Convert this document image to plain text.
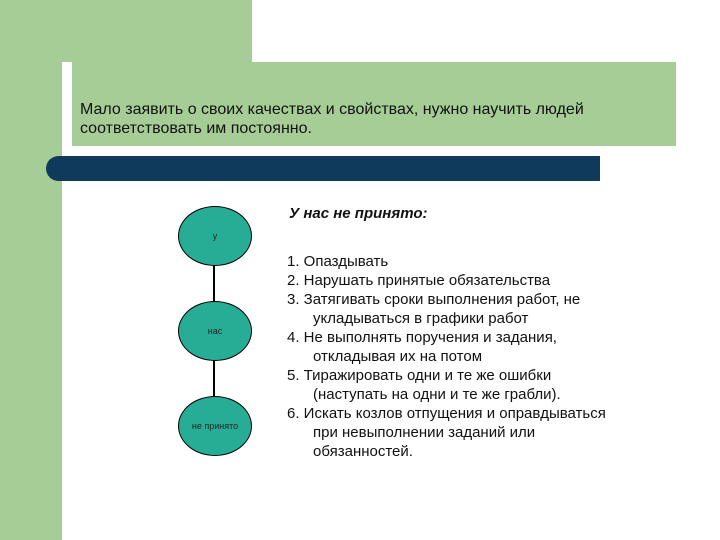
Мало заявить о своих качествах и свойствах, нужно научить людей соответствовать им постоянно.
у
нас
не принято
У нас не принято:
1. Опаздывать
2. Нарушать принятые обязательства
3. Затягивать сроки выполнения работ, не
укладываться в графики работ
4. Не выполнять поручения и задания,
откладывая их на потом
5. Тиражировать одни и те же ошибки
(наступать на одни и те же грабли).
6. Искать козлов отпущения и оправдываться
при невыполнении заданий или
обязанностей.
